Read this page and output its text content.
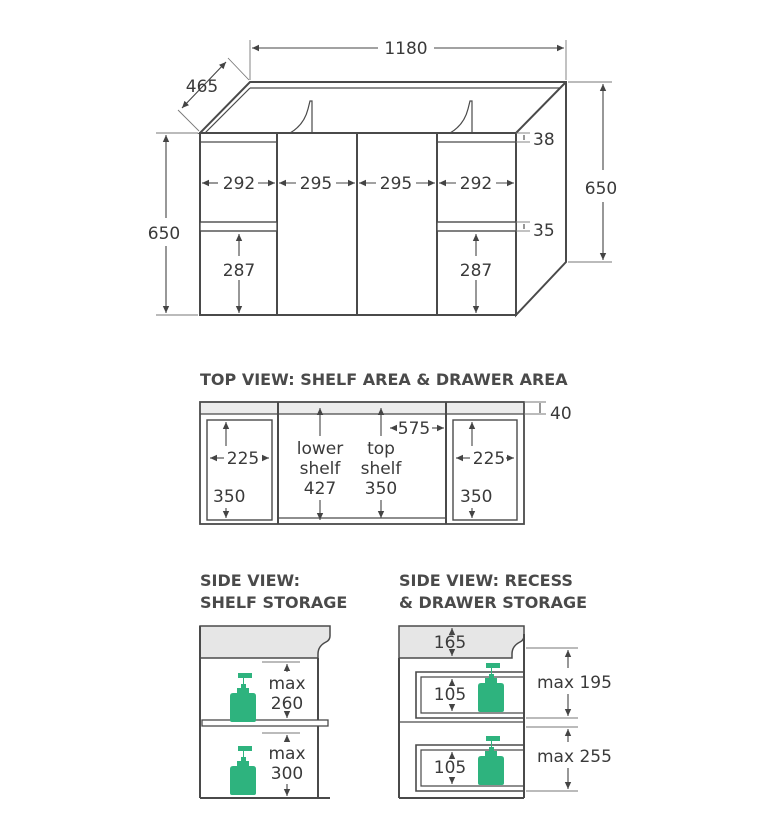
1180
465
650
650
38
35
292	295	295	292
287	287
TOP VIEW: SHELF AREA & DRAWER AREA
40
575
lower
shelf
427
top
shelf
350
225
350
225
350
SIDE VIEW:
SHELF STORAGE
max
260
max
300
SIDE VIEW: RECESS
& DRAWER STORAGE
165
105
105
max 195
max 255
